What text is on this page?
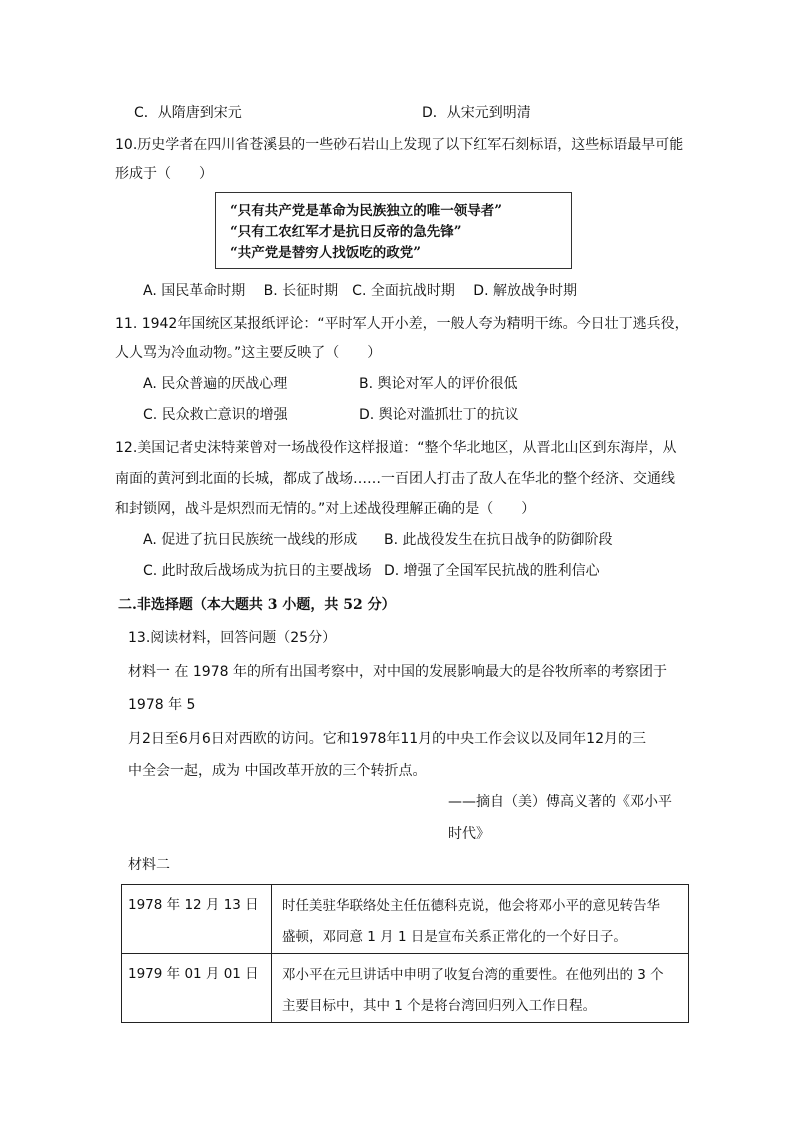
C．从隋唐到宋元	D．从宋元到明清
10.历史学者在四川省苍溪县的一些砂石岩山上发现了以下红军石刻标语，这些标语最早可能
形成于（　　）
“只有共产党是革命为民族独立的唯一领导者”
“只有工农红军才是抗日反帝的急先锋”
“共产党是替穷人找饭吃的政党”
A. 国民革命时期　 B. 长征时期　C. 全面抗战时期　 D. 解放战争时期
11. 1942年国统区某报纸评论：“平时军人开小差，一般人夸为精明干练。今日壮丁逃兵役，
人人骂为冷血动物。”这主要反映了（　　）
A. 民众普遍的厌战心理	B. 舆论对军人的评价很低
C. 民众救亡意识的增强	D. 舆论对滥抓壮丁的抗议
12.美国记者史沫特莱曾对一场战役作这样报道：“整个华北地区，从晋北山区到东海岸，从
南面的黄河到北面的长城，都成了战场……一百团人打击了敌人在华北的整个经济、交通线
和封锁网，战斗是炽烈而无情的。”对上述战役理解正确的是（　　）
A. 促进了抗日民族统一战线的形成 B. 此战役发生在抗日战争的防御阶段
C. 此时敌后战场成为抗日的主要战场 D. 增强了全国军民抗战的胜利信心
二.非选择题（本大题共 3 小题，共 52 分）
13.阅读材料，回答问题（25分）
材料一 在 1978 年的所有出国考察中，对中国的发展影响最大的是谷牧所率的考察团于
1978 年 5
月2日至6月6日对西欧的访问。它和1978年11月的中央工作会议以及同年12月的三
中全会一起，成为 中国改革开放的三个转折点。
——摘自（美）傅高义著的《邓小平
时代》
材料二
1978 年 12 月 13 日	时任美驻华联络处主任伍德科克说，他会将邓小平的意见转告华
盛顿，邓同意 1 月 1 日是宣布关系正常化的一个好日子。

1979 年 01 月 01 日	邓小平在元旦讲话中申明了收复台湾的重要性。在他列出的 3 个
主要目标中，其中 1 个是将台湾回归列入工作日程。
